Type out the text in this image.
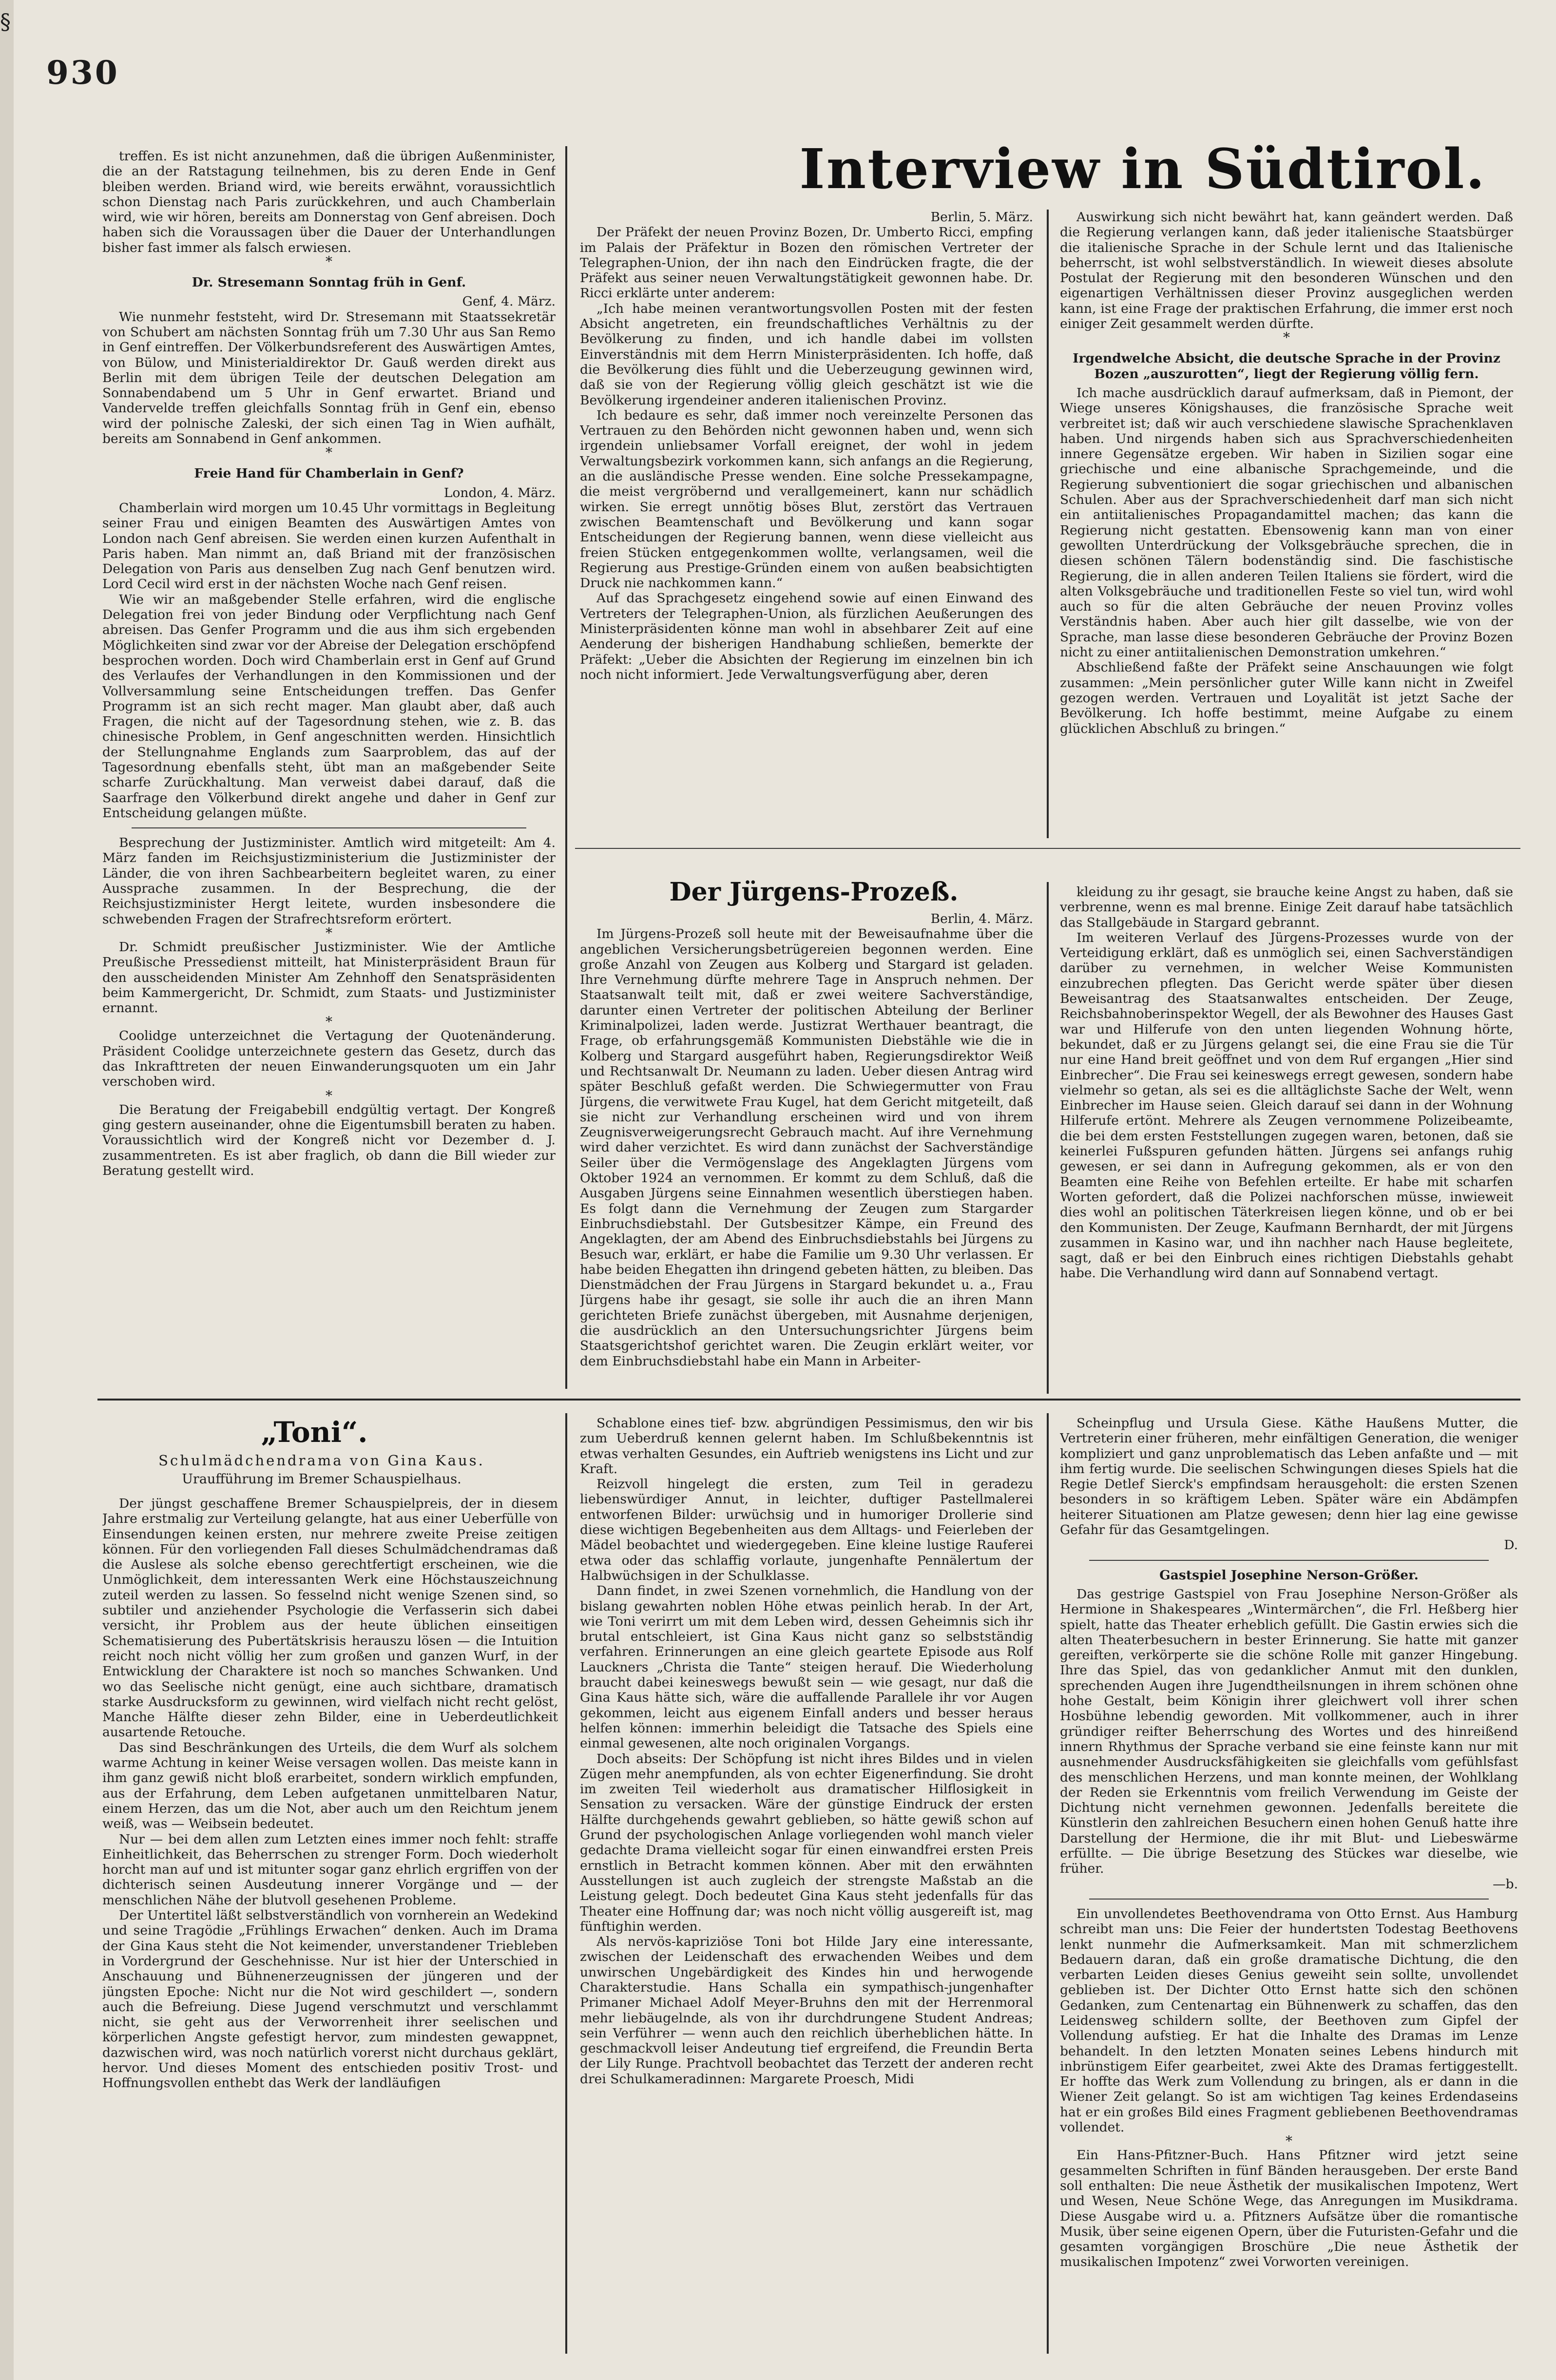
§
930

treffen. Es ist nicht anzunehmen, daß die übrigen Außenminister, die an der Ratstagung teilnehmen, bis zu deren Ende in Genf bleiben werden. Briand wird, wie bereits erwähnt, voraussichtlich schon Dienstag nach Paris zurückkehren, und auch Chamberlain wird, wie wir hören, bereits am Donnerstag von Genf abreisen. Doch haben sich die Voraussagen über die Dauer der Unterhandlungen bisher fast immer als falsch erwiesen.

*

Dr. Stresemann Sonntag früh in Genf.

Genf, 4. März.

Wie nunmehr feststeht, wird Dr. Stresemann mit Staatssekretär von Schubert am nächsten Sonntag früh um 7.30 Uhr aus San Remo in Genf eintreffen. Der Völkerbundsreferent des Auswärtigen Amtes, von Bülow, und Ministerialdirektor Dr. Gauß werden direkt aus Berlin mit dem übrigen Teile der deutschen Delegation am Sonnabendabend um 5 Uhr in Genf erwartet. Briand und Vandervelde treffen gleichfalls Sonntag früh in Genf ein, ebenso wird der polnische Zaleski, der sich einen Tag in Wien aufhält, bereits am Sonnabend in Genf ankommen.

*

Freie Hand für Chamberlain in Genf?

London, 4. März.

Chamberlain wird morgen um 10.45 Uhr vormittags in Begleitung seiner Frau und einigen Beamten des Auswärtigen Amtes von London nach Genf abreisen. Sie werden einen kurzen Aufenthalt in Paris haben. Man nimmt an, daß Briand mit der französischen Delegation von Paris aus denselben Zug nach Genf benutzen wird. Lord Cecil wird erst in der nächsten Woche nach Genf reisen.

Wie wir an maßgebender Stelle erfahren, wird die englische Delegation frei von jeder Bindung oder Verpflichtung nach Genf abreisen. Das Genfer Programm und die aus ihm sich ergebenden Möglichkeiten sind zwar vor der Abreise der Delegation erschöpfend besprochen worden. Doch wird Chamberlain erst in Genf auf Grund des Verlaufes der Verhandlungen in den Kommissionen und der Vollversammlung seine Entscheidungen treffen. Das Genfer Programm ist an sich recht mager. Man glaubt aber, daß auch Fragen, die nicht auf der Tagesordnung stehen, wie z. B. das chinesische Problem, in Genf angeschnitten werden. Hinsichtlich der Stellungnahme Englands zum Saarproblem, das auf der Tagesordnung ebenfalls steht, übt man an maßgebender Seite scharfe Zurückhaltung. Man verweist dabei darauf, daß die Saarfrage den Völkerbund direkt angehe und daher in Genf zur Entscheidung gelangen müßte.

Besprechung der Justizminister. Amtlich wird mitgeteilt: Am 4. März fanden im Reichsjustizministerium die Justizminister der Länder, die von ihren Sachbearbeitern begleitet waren, zu einer Aussprache zusammen. In der Besprechung, die der Reichsjustizminister Hergt leitete, wurden insbesondere die schwebenden Fragen der Strafrechtsreform erörtert.

*

Dr. Schmidt preußischer Justizminister. Wie der Amtliche Preußische Pressedienst mitteilt, hat Ministerpräsident Braun für den ausscheidenden Minister Am Zehnhoff den Senatspräsidenten beim Kammergericht, Dr. Schmidt, zum Staats- und Justizminister ernannt.

*

Coolidge unterzeichnet die Vertagung der Quotenänderung. Präsident Coolidge unterzeichnete gestern das Gesetz, durch das das Inkrafttreten der neuen Einwanderungsquoten um ein Jahr verschoben wird.

*

Die Beratung der Freigabebill endgültig vertagt. Der Kongreß ging gestern auseinander, ohne die Eigentumsbill beraten zu haben. Voraussichtlich wird der Kongreß nicht vor Dezember d. J. zusammentreten. Es ist aber fraglich, ob dann die Bill wieder zur Beratung gestellt wird.

Interview in Südtirol.

Berlin, 5. März.

Der Präfekt der neuen Provinz Bozen, Dr. Umberto Ricci, empfing im Palais der Präfektur in Bozen den römischen Vertreter der Telegraphen-Union, der ihn nach den Eindrücken fragte, die der Präfekt aus seiner neuen Verwaltungstätigkeit gewonnen habe. Dr. Ricci erklärte unter anderem:

„Ich habe meinen verantwortungsvollen Posten mit der festen Absicht angetreten, ein freundschaftliches Verhältnis zu der Bevölkerung zu finden, und ich handle dabei im vollsten Einverständnis mit dem Herrn Ministerpräsidenten. Ich hoffe, daß die Bevölkerung dies fühlt und die Ueberzeugung gewinnen wird, daß sie von der Regierung völlig gleich geschätzt ist wie die Bevölkerung irgendeiner anderen italienischen Provinz.

Ich bedaure es sehr, daß immer noch vereinzelte Personen das Vertrauen zu den Behörden nicht gewonnen haben und, wenn sich irgendein unliebsamer Vorfall ereignet, der wohl in jedem Verwaltungsbezirk vorkommen kann, sich anfangs an die Regierung, an die ausländische Presse wenden. Eine solche Pressekampagne, die meist vergröbernd und verallgemeinert, kann nur schädlich wirken. Sie erregt unnötig böses Blut, zerstört das Vertrauen zwischen Beamtenschaft und Bevölkerung und kann sogar Entscheidungen der Regierung bannen, wenn diese vielleicht aus freien Stücken entgegenkommen wollte, verlangsamen, weil die Regierung aus Prestige-Gründen einem von außen beabsichtigten Druck nie nachkommen kann.“

Auf das Sprachgesetz eingehend sowie auf einen Einwand des Vertreters der Telegraphen-Union, als fürzlichen Aeußerungen des Ministerpräsidenten könne man wohl in absehbarer Zeit auf eine Aenderung der bisherigen Handhabung schließen, bemerkte der Präfekt: „Ueber die Absichten der Regierung im einzelnen bin ich noch nicht informiert. Jede Verwaltungsverfügung aber, deren

Auswirkung sich nicht bewährt hat, kann geändert werden. Daß die Regierung verlangen kann, daß jeder italienische Staatsbürger die italienische Sprache in der Schule lernt und das Italienische beherrscht, ist wohl selbstverständlich. In wieweit dieses absolute Postulat der Regierung mit den besonderen Wünschen und den eigenartigen Verhältnissen dieser Provinz ausgeglichen werden kann, ist eine Frage der praktischen Erfahrung, die immer erst noch einiger Zeit gesammelt werden dürfte.

*

Irgendwelche Absicht, die deutsche Sprache in der Provinz Bozen „auszurotten“, liegt der Regierung völlig fern.

Ich mache ausdrücklich darauf aufmerksam, daß in Piemont, der Wiege unseres Königshauses, die französische Sprache weit verbreitet ist; daß wir auch verschiedene slawische Sprachenklaven haben. Und nirgends haben sich aus Sprachverschiedenheiten innere Gegensätze ergeben. Wir haben in Sizilien sogar eine griechische und eine albanische Sprachgemeinde, und die Regierung subventioniert die sogar griechischen und albanischen Schulen. Aber aus der Sprachverschiedenheit darf man sich nicht ein antiitalienisches Propagandamittel machen; das kann die Regierung nicht gestatten. Ebensowenig kann man von einer gewollten Unterdrückung der Volksgebräuche sprechen, die in diesen schönen Tälern bodenständig sind. Die faschistische Regierung, die in allen anderen Teilen Italiens sie fördert, wird die alten Volksgebräuche und traditionellen Feste so viel tun, wird wohl auch so für die alten Gebräuche der neuen Provinz volles Verständnis haben. Aber auch hier gilt dasselbe, wie von der Sprache, man lasse diese besonderen Gebräuche der Provinz Bozen nicht zu einer antiitalienischen Demonstration umkehren.“

Abschließend faßte der Präfekt seine Anschauungen wie folgt zusammen: „Mein persönlicher guter Wille kann nicht in Zweifel gezogen werden. Vertrauen und Loyalität ist jetzt Sache der Bevölkerung. Ich hoffe bestimmt, meine Aufgabe zu einem glücklichen Abschluß zu bringen.“

Der Jürgens-Prozeß.

Berlin, 4. März.

Im Jürgens-Prozeß soll heute mit der Beweisaufnahme über die angeblichen Versicherungsbetrügereien begonnen werden. Eine große Anzahl von Zeugen aus Kolberg und Stargard ist geladen. Ihre Vernehmung dürfte mehrere Tage in Anspruch nehmen. Der Staatsanwalt teilt mit, daß er zwei weitere Sachverständige, darunter einen Vertreter der politischen Abteilung der Berliner Kriminalpolizei, laden werde. Justizrat Werthauer beantragt, die Frage, ob erfahrungsgemäß Kommunisten Diebstähle wie die in Kolberg und Stargard ausgeführt haben, Regierungsdirektor Weiß und Rechtsanwalt Dr. Neumann zu laden. Ueber diesen Antrag wird später Beschluß gefaßt werden. Die Schwiegermutter von Frau Jürgens, die verwitwete Frau Kugel, hat dem Gericht mitgeteilt, daß sie nicht zur Verhandlung erscheinen wird und von ihrem Zeugnisverweigerungsrecht Gebrauch macht. Auf ihre Vernehmung wird daher verzichtet. Es wird dann zunächst der Sachverständige Seiler über die Vermögenslage des Angeklagten Jürgens vom Oktober 1924 an vernommen. Er kommt zu dem Schluß, daß die Ausgaben Jürgens seine Einnahmen wesentlich überstiegen haben. Es folgt dann die Vernehmung der Zeugen zum Stargarder Einbruchsdiebstahl. Der Gutsbesitzer Kämpe, ein Freund des Angeklagten, der am Abend des Einbruchsdiebstahls bei Jürgens zu Besuch war, erklärt, er habe die Familie um 9.30 Uhr verlassen. Er habe beiden Ehegatten ihn dringend gebeten hätten, zu bleiben. Das Dienstmädchen der Frau Jürgens in Stargard bekundet u. a., Frau Jürgens habe ihr gesagt, sie solle ihr auch die an ihren Mann gerichteten Briefe zunächst übergeben, mit Ausnahme derjenigen, die ausdrücklich an den Untersuchungsrichter Jürgens beim Staatsgerichtshof gerichtet waren. Die Zeugin erklärt weiter, vor dem Einbruchsdiebstahl habe ein Mann in Arbeiter-

kleidung zu ihr gesagt, sie brauche keine Angst zu haben, daß sie verbrenne, wenn es mal brenne. Einige Zeit darauf habe tatsächlich das Stallgebäude in Stargard gebrannt.

Im weiteren Verlauf des Jürgens-Prozesses wurde von der Verteidigung erklärt, daß es unmöglich sei, einen Sachverständigen darüber zu vernehmen, in welcher Weise Kommunisten einzubrechen pflegten. Das Gericht werde später über diesen Beweisantrag des Staatsanwaltes entscheiden. Der Zeuge, Reichsbahnoberinspektor Wegell, der als Bewohner des Hauses Gast war und Hilferufe von den unten liegenden Wohnung hörte, bekundet, daß er zu Jürgens gelangt sei, die eine Frau sie die Tür nur eine Hand breit geöffnet und von dem Ruf ergangen „Hier sind Einbrecher“. Die Frau sei keineswegs erregt gewesen, sondern habe vielmehr so getan, als sei es die alltäglichste Sache der Welt, wenn Einbrecher im Hause seien. Gleich darauf sei dann in der Wohnung Hilferufe ertönt. Mehrere als Zeugen vernommene Polizeibeamte, die bei dem ersten Feststellungen zugegen waren, betonen, daß sie keinerlei Fußspuren gefunden hätten. Jürgens sei anfangs ruhig gewesen, er sei dann in Aufregung gekommen, als er von den Beamten eine Reihe von Befehlen erteilte. Er habe mit scharfen Worten gefordert, daß die Polizei nachforschen müsse, inwieweit dies wohl an politischen Täterkreisen liegen könne, und ob er bei den Kommunisten. Der Zeuge, Kaufmann Bernhardt, der mit Jürgens zusammen in Kasino war, und ihn nachher nach Hause begleitete, sagt, daß er bei den Einbruch eines richtigen Diebstahls gehabt habe. Die Verhandlung wird dann auf Sonnabend vertagt.

„Toni“.
Schulmädchendrama von Gina Kaus.
Uraufführung im Bremer Schauspielhaus.

Der jüngst geschaffene Bremer Schauspielpreis, der in diesem Jahre erstmalig zur Verteilung gelangte, hat aus einer Ueberfülle von Einsendungen keinen ersten, nur mehrere zweite Preise zeitigen können. Für den vorliegenden Fall dieses Schulmädchendramas daß die Auslese als solche ebenso gerechtfertigt erscheinen, wie die Unmöglichkeit, dem interessanten Werk eine Höchstauszeichnung zuteil werden zu lassen. So fesselnd nicht wenige Szenen sind, so subtiler und anziehender Psychologie die Verfasserin sich dabei versicht, ihr Problem aus der heute üblichen einseitigen Schematisierung des Pubertätskrisis herauszu lösen — die Intuition reicht noch nicht völlig her zum großen und ganzen Wurf, in der Entwicklung der Charaktere ist noch so manches Schwanken. Und wo das Seelische nicht genügt, eine auch sichtbare, dramatisch starke Ausdrucksform zu gewinnen, wird vielfach nicht recht gelöst, Manche Hälfte dieser zehn Bilder, eine in Ueberdeutlichkeit ausartende Retouche.

Das sind Beschränkungen des Urteils, die dem Wurf als solchem warme Achtung in keiner Weise versagen wollen. Das meiste kann in ihm ganz gewiß nicht bloß erarbeitet, sondern wirklich empfunden, aus der Erfahrung, dem Leben aufgetanen unmittelbaren Natur, einem Herzen, das um die Not, aber auch um den Reichtum jenem weiß, was — Weibsein bedeutet.

Nur — bei dem allen zum Letzten eines immer noch fehlt: straffe Einheitlichkeit, das Beherrschen zu strenger Form. Doch wiederholt horcht man auf und ist mitunter sogar ganz ehrlich ergriffen von der dichterisch seinen Ausdeutung innerer Vorgänge und — der menschlichen Nähe der blutvoll gesehenen Probleme.

Der Untertitel läßt selbstverständlich von vornherein an Wedekind und seine Tragödie „Frühlings Erwachen“ denken. Auch im Drama der Gina Kaus steht die Not keimender, unverstandener Triebleben in Vordergrund der Geschehnisse. Nur ist hier der Unterschied in Anschauung und Bühnenerzeugnissen der jüngeren und der jüngsten Epoche: Nicht nur die Not wird geschildert —, sondern auch die Befreiung. Diese Jugend verschmutzt und verschlammt nicht, sie geht aus der Verworrenheit ihrer seelischen und körperlichen Angste gefestigt hervor, zum mindesten gewappnet, dazwischen wird, was noch natürlich vorerst nicht durchaus geklärt, hervor. Und dieses Moment des entschieden positiv Trost- und Hoffnungsvollen enthebt das Werk der landläufigen

Schablone eines tief- bzw. abgründigen Pessimismus, den wir bis zum Ueberdruß kennen gelernt haben. Im Schlußbekenntnis ist etwas verhalten Gesundes, ein Auftrieb wenigstens ins Licht und zur Kraft.

Reizvoll hingelegt die ersten, zum Teil in geradezu liebenswürdiger Annut, in leichter, duftiger Pastellmalerei entworfenen Bilder: urwüchsig und in humoriger Drollerie sind diese wichtigen Begebenheiten aus dem Alltags- und Feierleben der Mädel beobachtet und wiedergegeben. Eine kleine lustige Rauferei etwa oder das schlaffig vorlaute, jungenhafte Pennälertum der Halbwüchsigen in der Schulklasse.

Dann findet, in zwei Szenen vornehmlich, die Handlung von der bislang gewahrten noblen Höhe etwas peinlich herab. In der Art, wie Toni verirrt um mit dem Leben wird, dessen Geheimnis sich ihr brutal entschleiert, ist Gina Kaus nicht ganz so selbstständig verfahren. Erinnerungen an eine gleich geartete Episode aus Rolf Lauckners „Christa die Tante“ steigen herauf. Die Wiederholung braucht dabei keineswegs bewußt sein — wie gesagt, nur daß die Gina Kaus hätte sich, wäre die auffallende Parallele ihr vor Augen gekommen, leicht aus eigenem Einfall anders und besser heraus helfen können: immerhin beleidigt die Tatsache des Spiels eine einmal gewesenen, alte noch originalen Vorgangs.

Doch abseits: Der Schöpfung ist nicht ihres Bildes und in vielen Zügen mehr anempfunden, als von echter Eigenerfindung. Sie droht im zweiten Teil wiederholt aus dramatischer Hilflosigkeit in Sensation zu versacken. Wäre der günstige Eindruck der ersten Hälfte durchgehends gewahrt geblieben, so hätte gewiß schon auf Grund der psychologischen Anlage vorliegenden wohl manch vieler gedachte Drama vielleicht sogar für einen einwandfrei ersten Preis ernstlich in Betracht kommen können. Aber mit den erwähnten Ausstellungen ist auch zugleich der strengste Maßstab an die Leistung gelegt. Doch bedeutet Gina Kaus steht jedenfalls für das Theater eine Hoffnung dar; was noch nicht völlig ausgereift ist, mag fünftighin werden.

Als nervös-kapriziöse Toni bot Hilde Jary eine interessante, zwischen der Leidenschaft des erwachenden Weibes und dem unwirschen Ungebärdigkeit des Kindes hin und herwogende Charakterstudie. Hans Schalla ein sympathisch-jungenhafter Primaner Michael Adolf Meyer-Bruhns den mit der Herrenmoral mehr liebäugelnde, als von ihr durchdrungene Student Andreas; sein Verführer — wenn auch den reichlich überheblichen hätte. In geschmackvoll leiser Andeutung tief ergreifend, die Freundin Berta der Lily Runge. Prachtvoll beobachtet das Terzett der anderen recht drei Schulkameradinnen: Margarete Proesch, Midi

Scheinpflug und Ursula Giese. Käthe Haußens Mutter, die Vertreterin einer früheren, mehr einfältigen Generation, die weniger kompliziert und ganz unproblematisch das Leben anfaßte und — mit ihm fertig wurde. Die seelischen Schwingungen dieses Spiels hat die Regie Detlef Sierck's empfindsam herausgeholt: die ersten Szenen besonders in so kräftigem Leben. Später wäre ein Abdämpfen heiterer Situationen am Platze gewesen; denn hier lag eine gewisse Gefahr für das Gesamtgelingen.

D.

Gastspiel Josephine Nerson-Größer.

Das gestrige Gastspiel von Frau Josephine Nerson-Größer als Hermione in Shakespeares „Wintermärchen“, die Frl. Heßberg hier spielt, hatte das Theater erheblich gefüllt. Die Gastin erwies sich die alten Theaterbesuchern in bester Erinnerung. Sie hatte mit ganzer gereiften, verkörperte sie die schöne Rolle mit ganzer Hingebung. Ihre das Spiel, das von gedanklicher Anmut mit den dunklen, sprechenden Augen ihre Jugendtheilsnungen in ihrem schönen ohne hohe Gestalt, beim Königin ihrer gleichwert voll ihrer schen Hosbühne lebendig geworden. Mit vollkommener, auch in ihrer gründiger reifter Beherrschung des Wortes und des hinreißend innern Rhythmus der Sprache verband sie eine feinste kann nur mit ausnehmender Ausdrucksfähigkeiten sie gleichfalls vom gefühlsfast des menschlichen Herzens, und man konnte meinen, der Wohlklang der Reden sie Erkenntnis vom freilich Verwendung im Geiste der Dichtung nicht vernehmen gewonnen. Jedenfalls bereitete die Künstlerin den zahlreichen Besuchern einen hohen Genuß hatte ihre Darstellung der Hermione, die ihr mit Blut- und Liebeswärme erfüllte. — Die übrige Besetzung des Stückes war dieselbe, wie früher.

—b.

Ein unvollendetes Beethovendrama von Otto Ernst. Aus Hamburg schreibt man uns: Die Feier der hundertsten Todestag Beethovens lenkt nunmehr die Aufmerksamkeit. Man mit schmerzlichem Bedauern daran, daß ein große dramatische Dichtung, die den verbarten Leiden dieses Genius geweiht sein sollte, unvollendet geblieben ist. Der Dichter Otto Ernst hatte sich den schönen Gedanken, zum Centenartag ein Bühnenwerk zu schaffen, das den Leidensweg schildern sollte, der Beethoven zum Gipfel der Vollendung aufstieg. Er hat die Inhalte des Dramas im Lenze behandelt. In den letzten Monaten seines Lebens hindurch mit inbrünstigem Eifer gearbeitet, zwei Akte des Dramas fertiggestellt. Er hoffte das Werk zum Vollendung zu bringen, als er dann in die Wiener Zeit gelangt. So ist am wichtigen Tag keines Erdendaseins hat er ein großes Bild eines Fragment gebliebenen Beethovendramas vollendet.

*

Ein Hans-Pfitzner-Buch. Hans Pfitzner wird jetzt seine gesammelten Schriften in fünf Bänden herausgeben. Der erste Band soll enthalten: Die neue Ästhetik der musikalischen Impotenz, Wert und Wesen, Neue Schöne Wege, das Anregungen im Musikdrama. Diese Ausgabe wird u. a. Pfitzners Aufsätze über die romantische Musik, über seine eigenen Opern, über die Futuristen-Gefahr und die gesamten vorgängigen Broschüre „Die neue Ästhetik der musikalischen Impotenz“ zwei Vorworten vereinigen.
